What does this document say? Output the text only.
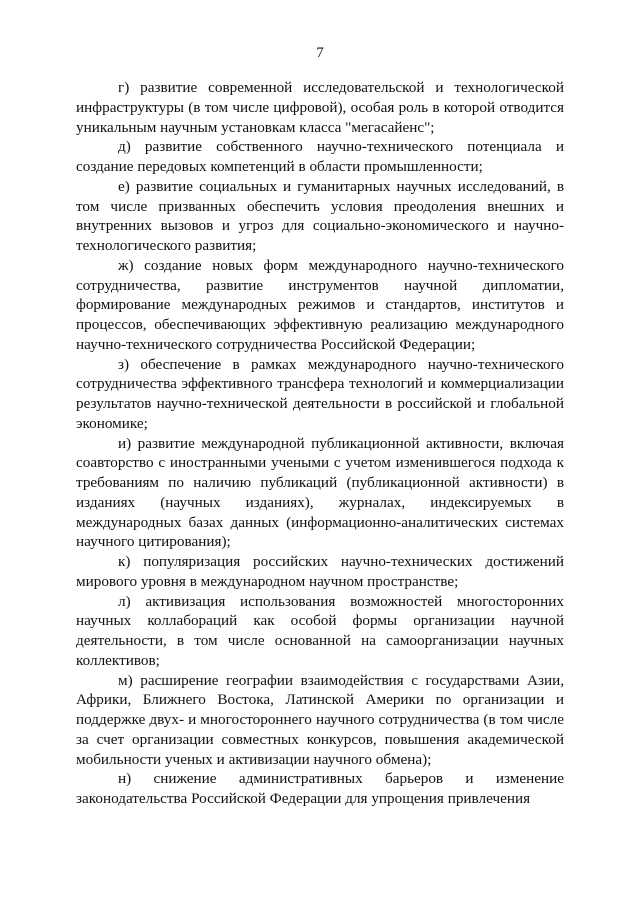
7

г) развитие современной исследовательской и технологической инфраструктуры (в том числе цифровой), особая роль в которой отводится уникальным научным установкам класса "мегасайенс";

д) развитие собственного научно-технического потенциала и создание передовых компетенций в области промышленности;

е) развитие социальных и гуманитарных научных исследований, в том числе призванных обеспечить условия преодоления внешних и внутренних вызовов и угроз для социально-экономического и научно-технологического развития;

ж) создание новых форм международного научно-технического сотрудничества, развитие инструментов научной дипломатии, формирование международных режимов и стандартов, институтов и процессов, обеспечивающих эффективную реализацию международного научно-технического сотрудничества Российской Федерации;

з) обеспечение в рамках международного научно-технического сотрудничества эффективного трансфера технологий и коммерциализации результатов научно-технической деятельности в российской и глобальной экономике;

и) развитие международной публикационной активности, включая соавторство с иностранными учеными с учетом изменившегося подхода к требованиям по наличию публикаций (публикационной активности) в изданиях (научных изданиях), журналах, индексируемых в международных базах данных (информационно-аналитических системах научного цитирования);

к) популяризация российских научно-технических достижений мирового уровня в международном научном пространстве;

л) активизация использования возможностей многосторонних научных коллабораций как особой формы организации научной деятельности, в том числе основанной на самоорганизации научных коллективов;

м) расширение географии взаимодействия с государствами Азии, Африки, Ближнего Востока, Латинской Америки по организации и поддержке двух- и многостороннего научного сотрудничества (в том числе за счет организации совместных конкурсов, повышения академической мобильности ученых и активизации научного обмена);

н) снижение административных барьеров и изменение законодательства Российской Федерации для упрощения привлечения
